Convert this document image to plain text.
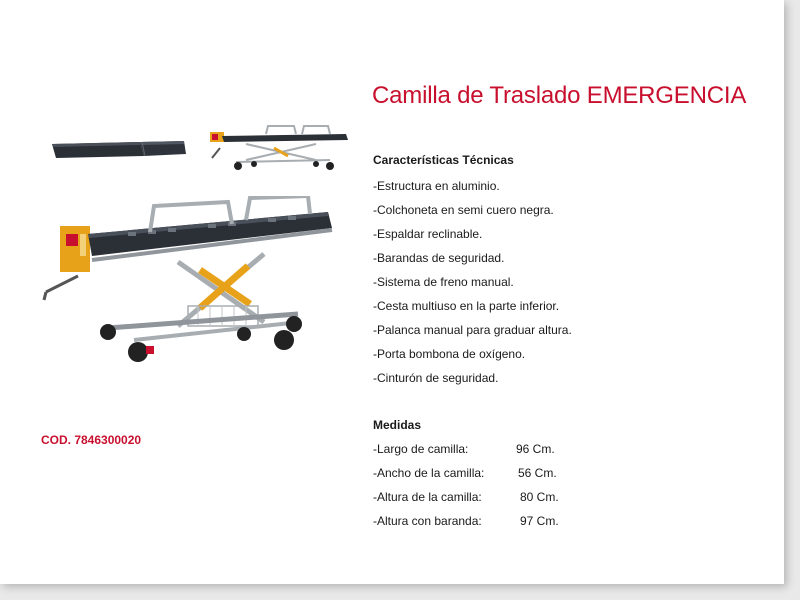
Camilla de Traslado EMERGENCIA
Características Técnicas
-Estructura en aluminio.
-Colchoneta en semi cuero negra.
-Espaldar reclinable.
-Barandas de seguridad.
-Sistema de freno manual.
-Cesta multiuso en la parte inferior.
-Palanca manual para graduar altura.
-Porta bombona de oxígeno.
-Cinturón de seguridad.
Medidas
-Largo de camilla:	96 Cm.
-Ancho de la camilla:	56 Cm.
-Altura de la camilla:	80 Cm.
-Altura con baranda:	97 Cm.
COD. 7846300020
